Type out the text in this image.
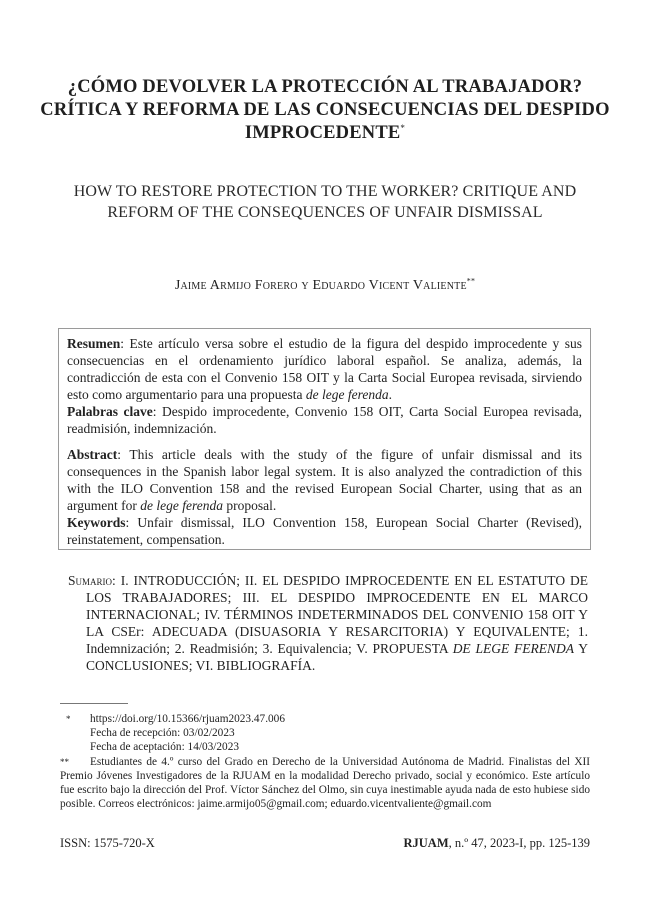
¿CÓMO DEVOLVER LA PROTECCIÓN AL TRABAJADOR?
CRÍTICA Y REFORMA DE LAS CONSECUENCIAS DEL DESPIDO
IMPROCEDENTE*
HOW TO RESTORE PROTECTION TO THE WORKER? CRITIQUE AND
REFORM OF THE CONSEQUENCES OF UNFAIR DISMISSAL
Jaime Armijo Forero y Eduardo Vicent Valiente**

Resumen: Este artículo versa sobre el estudio de la figura del despido improcedente y sus consecuencias en el ordenamiento jurídico laboral español. Se analiza, además, la contradicción de esta con el Convenio 158 OIT y la Carta Social Europea revisada, sirviendo esto como argumentario para una propuesta de lege ferenda.

Palabras clave: Despido improcedente, Convenio 158 OIT, Carta Social Europea revisada, readmisión, indemnización.

Abstract: This article deals with the study of the figure of unfair dismissal and its consequences in the Spanish labor legal system. It is also analyzed the contradiction of this with the ILO Convention 158 and the revised European Social Charter, using that as an argument for de lege ferenda proposal.

Keywords: Unfair dismissal, ILO Convention 158, European Social Charter (Revised), reinstatement, compensation.

Sumario: I. INTRODUCCIÓN; II. EL DESPIDO IMPROCEDENTE EN EL ESTATUTO DE LOS TRABAJADORES; III. EL DESPIDO IMPROCEDENTE EN EL MARCO INTERNACIONAL; IV. TÉRMINOS INDETERMINADOS DEL CONVENIO 158 OIT Y LA CSEr: ADECUADA (DISUASORIA Y RESARCITORIA) Y EQUIVALENTE; 1. Indemnización; 2. Readmisión; 3. Equivalencia; V. PROPUESTA DE LEGE FERENDA Y CONCLUSIONES; VI. BIBLIOGRAFÍA.

* https://doi.org/10.15366/rjuam2023.47.006
Fecha de recepción: 03/02/2023
Fecha de aceptación: 14/03/2023
** Estudiantes de 4.º curso del Grado en Derecho de la Universidad Autónoma de Madrid. Finalistas del XII Premio Jóvenes Investigadores de la RJUAM en la modalidad Derecho privado, social y económico. Este artículo fue escrito bajo la dirección del Prof. Víctor Sánchez del Olmo, sin cuya inestimable ayuda nada de esto hubiese sido posible. Correos electrónicos: jaime.armijo05@gmail.com; eduardo.vicentvaliente@gmail.com
ISSN: 1575-720-X	RJUAM, n.º 47, 2023-I, pp. 125-139
